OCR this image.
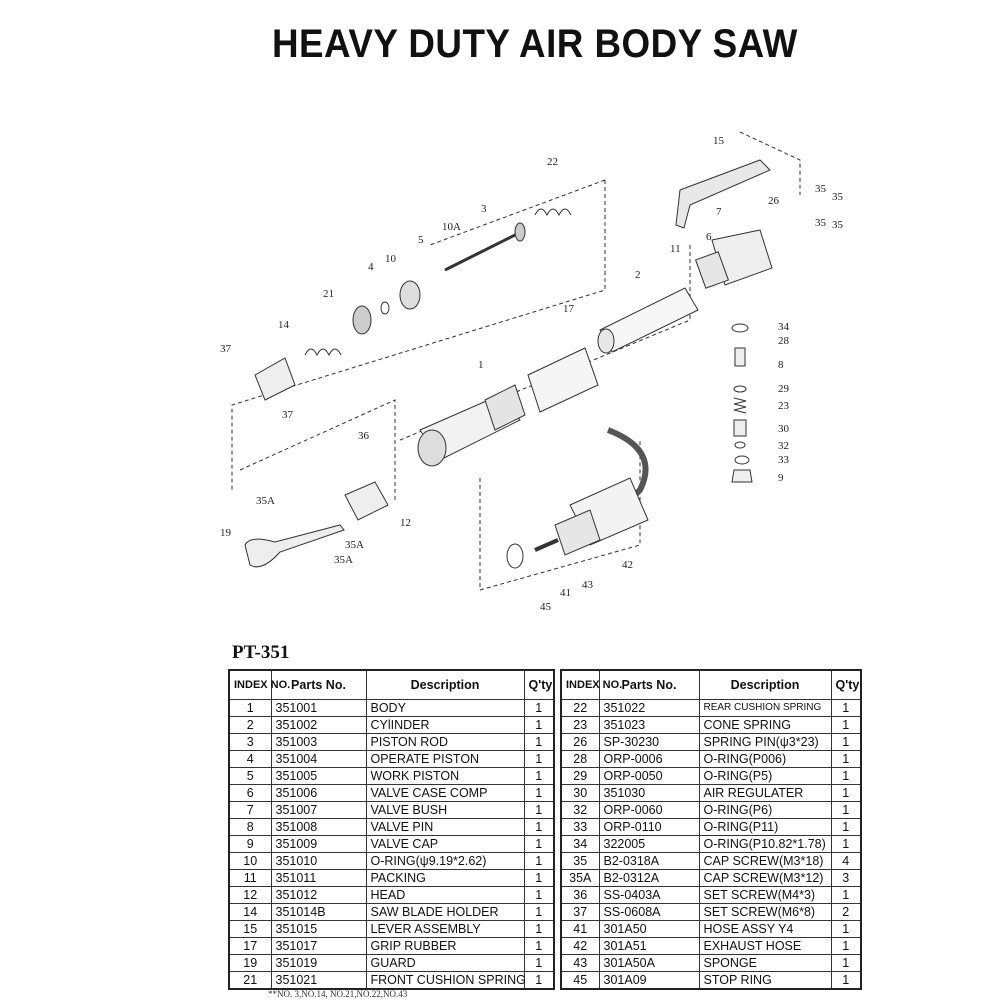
HEAVY DUTY AIR BODY SAW
22
3
10A
5
10
4
21
14
37
37
15
26
35
35
7
35 35
6
11
2
17
1
34
28
8
29
23
30
32
33
9
36
35A
12
19
35A
35A	42
43
41
45
PT-351
INDEX NO.	Parts No.	Description	Q'ty
1	351001	BODY	1
2	351002	CYlINDER	1
3	351003	PISTON ROD	1
4	351004	OPERATE PISTON	1
5	351005	WORK PISTON	1
6	351006	VALVE CASE COMP	1
7	351007	VALVE BUSH	1
8	351008	VALVE PIN	1
9	351009	VALVE CAP	1
10	351010	O-RING(ψ9.19*2.62)	1
11	351011	PACKING	1
12	351012	HEAD	1
14	351014B	SAW BLADE HOLDER	1
15	351015	LEVER ASSEMBLY	1
17	351017	GRIP RUBBER	1
19	351019	GUARD	1
21	351021	FRONT CUSHION SPRING	1
INDEX NO.	Parts No.	Description	Q'ty
22	351022	REAR CUSHION SPRING	1
23	351023	CONE SPRING	1
26	SP-30230	SPRING PIN(ψ3*23)	1
28	ORP-0006	O-RING(P006)	1
29	ORP-0050	O-RING(P5)	1
30	351030	AIR REGULATER	1
32	ORP-0060	O-RING(P6)	1
33	ORP-0110	O-RING(P11)	1
34	322005	O-RING(P10.82*1.78)	1
35	B2-0318A	CAP SCREW(M3*18)	4
35A	B2-0312A	CAP SCREW(M3*12)	3
36	SS-0403A	SET SCREW(M4*3)	1
37	SS-0608A	SET SCREW(M6*8)	2
41	301A50	HOSE ASSY Y4	1
42	301A51	EXHAUST HOSE	1
43	301A50A	SPONGE	1
45	301A09	STOP RING	1
**NO. 3,NO.14, NO.21,NO.22,NO.43
